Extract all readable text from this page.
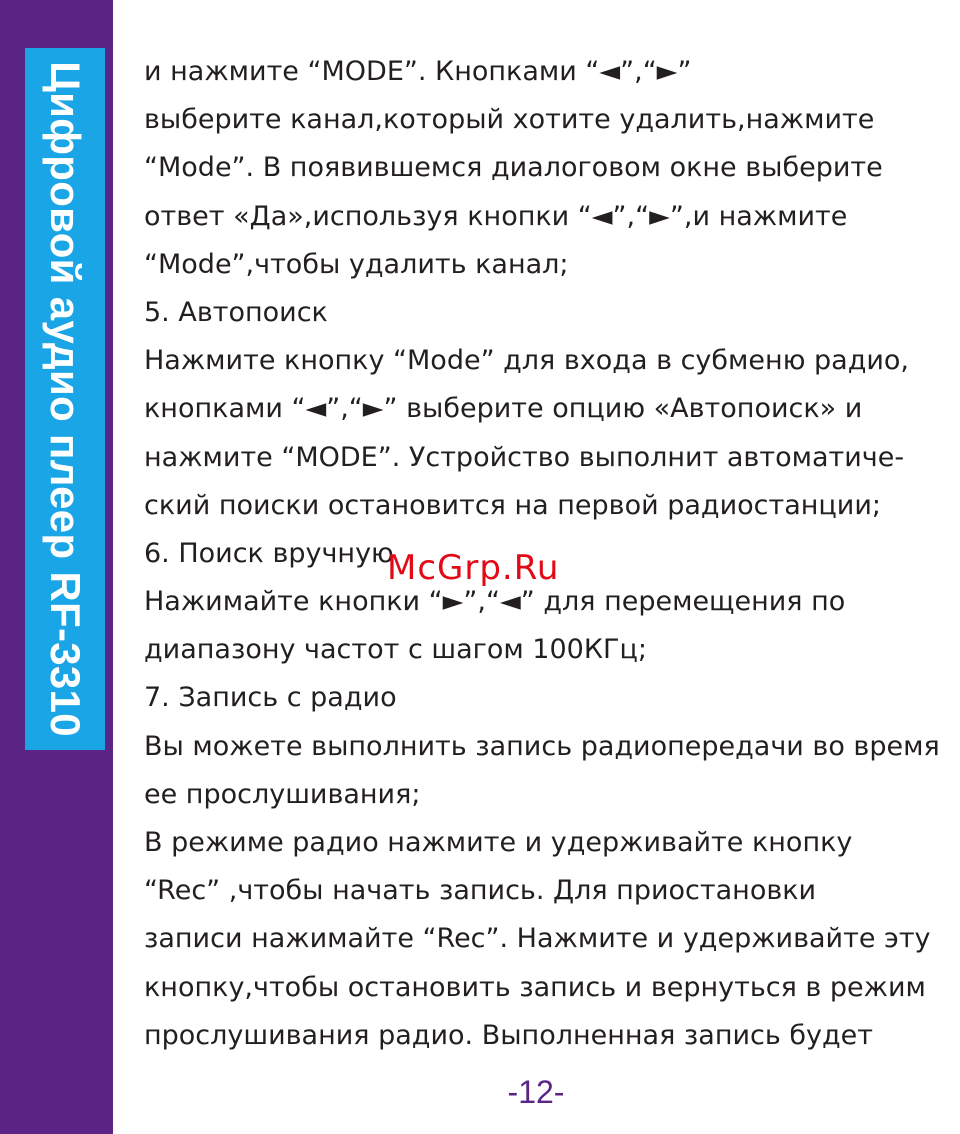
Цифровой аудио плеер RF-3310	и нажмите “MODE”. Кнопками “◄”,“►”
выберите канал,который хотите удалить,нажмите
“Mode”. В появившемся диалоговом окне выберите
ответ «Да»,используя кнопки “◄”,“►”,и нажмите
“Mode”,чтобы удалить канал;
5. Автопоиск
Нажмите кнопку “Mode” для входа в субменю радио,
кнопками “◄”,“►” выберите опцию «Автопоиск» и
нажмите “MODE”. Устройство выполнит автоматиче-
ский поиски остановится на первой радиостанции;
6. Поиск вручную
Нажимайте кнопки “►”,“◄” для перемещения по
диапазону частот с шагом 100КГц;
7. Запись с радио
Вы можете выполнить запись радиопередачи во время
ее прослушивания;
В режиме радио нажмите и удерживайте кнопку
“Rec” ,чтобы начать запись. Для приостановки
записи нажимайте “Rec”. Нажмите и удерживайте эту
кнопку,чтобы остановить запись и вернуться в режим
прослушивания радио. Выполненная запись будет
McGrp.Ru
-12-
